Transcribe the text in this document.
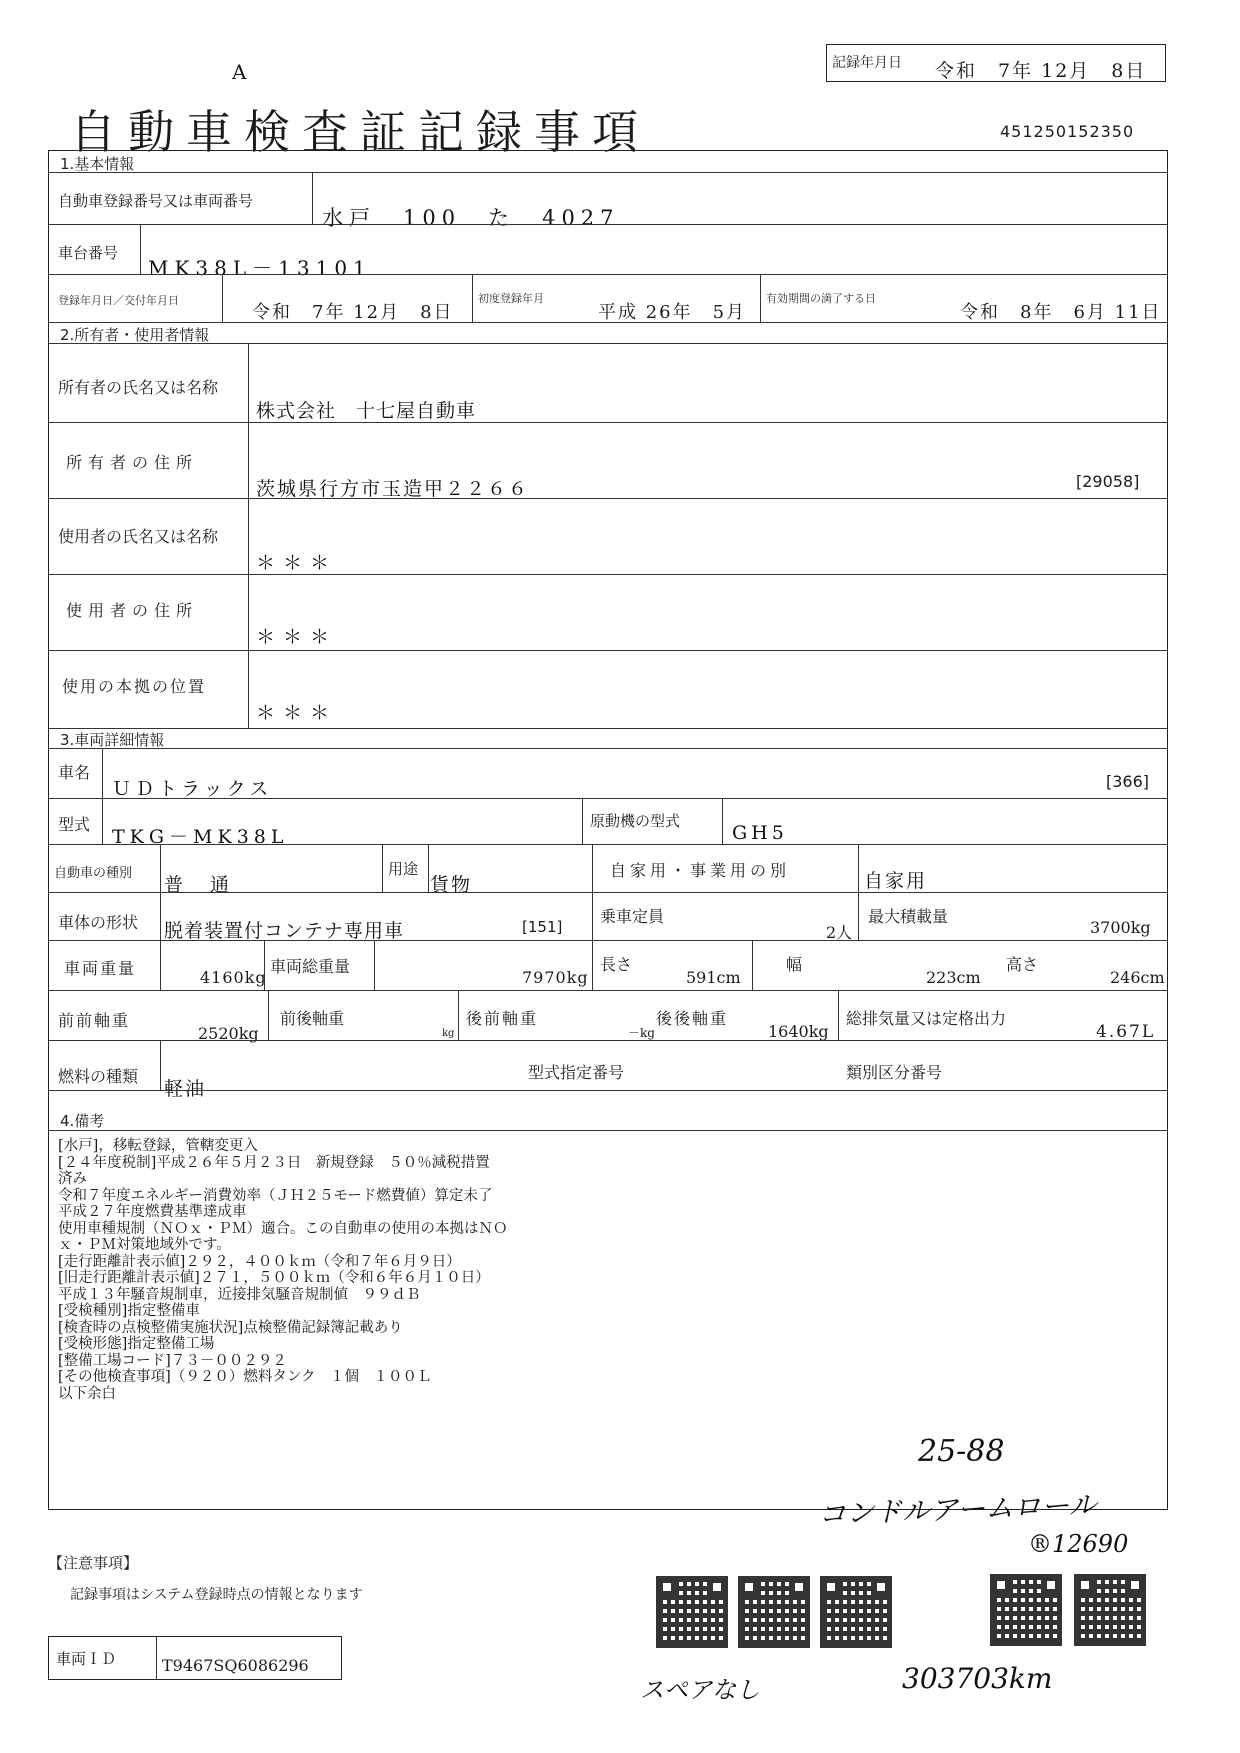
A	記録年月日 令和　7年 12月　8日
自動車検査証記録事項	451250152350
1.基本情報
自動車登録番号又は車両番号
水戸　100　た　4027
車台番号
MK38L－13101
登録年月日／交付年月日
令和　7年 12月　8日
初度登録年月
平成 26年　5月
有効期間の満了する日
令和　8年　6月 11日
2.所有者・使用者情報
所有者の氏名又は名称
株式会社　十七屋自動車
所有者の住所
茨城県行方市玉造甲２２６６	[29058]
使用者の氏名又は名称
＊＊＊
使用者の住所
＊＊＊
使用の本拠の位置
＊＊＊
3.車両詳細情報
車名
ＵＤトラックス	[366]
型式
TKG－MK38L
原動機の型式
GH5
自動車の種別
普　通
用途
貨物
自家用・事業用の別	自家用
車体の形状 脱着装置付コンテナ専用車	[151]
乗車定員
2人
最大積載量
3700kg
車両重量	4160kg
車両総重量
7970kg
長さ
591cm
幅
223cm
高さ
246cm
前前軸重
2520kg
前後軸重
kg
後前軸重
－kg
後後軸重
1640kg
総排気量又は定格出力
4.67L
燃料の種類
軽油
型式指定番号	類別区分番号
4.備考
[水戸]，移転登録，管轄変更入
[２４年度税制]平成２６年５月２３日　新規登録　５０％減税措置
済み
令和７年度エネルギー消費効率（ＪＨ２５モード燃費値）算定未了
平成２７年度燃費基準達成車
使用車種規制（ＮＯｘ・ＰＭ）適合。この自動車の使用の本拠はＮＯ
ｘ・ＰＭ対策地域外です。
[走行距離計表示値]２９２，４００ｋｍ（令和７年６月９日）
[旧走行距離計表示値]２７１，５００ｋｍ（令和６年６月１０日）
平成１３年騒音規制車，近接排気騒音規制値　９９ｄＢ
[受検種別]指定整備車
[検査時の点検整備実施状況]点検整備記録簿記載あり
[受検形態]指定整備工場
[整備工場コード]７３－００２９２
[その他検査事項]（９２０）燃料タンク　１個　１００Ｌ
以下余白
25-88
コンドルアームロール
®12690
スペアなし	303703km
【注意事項】
記録事項はシステム登録時点の情報となります
車両ＩＤ	T9467SQ6086296
